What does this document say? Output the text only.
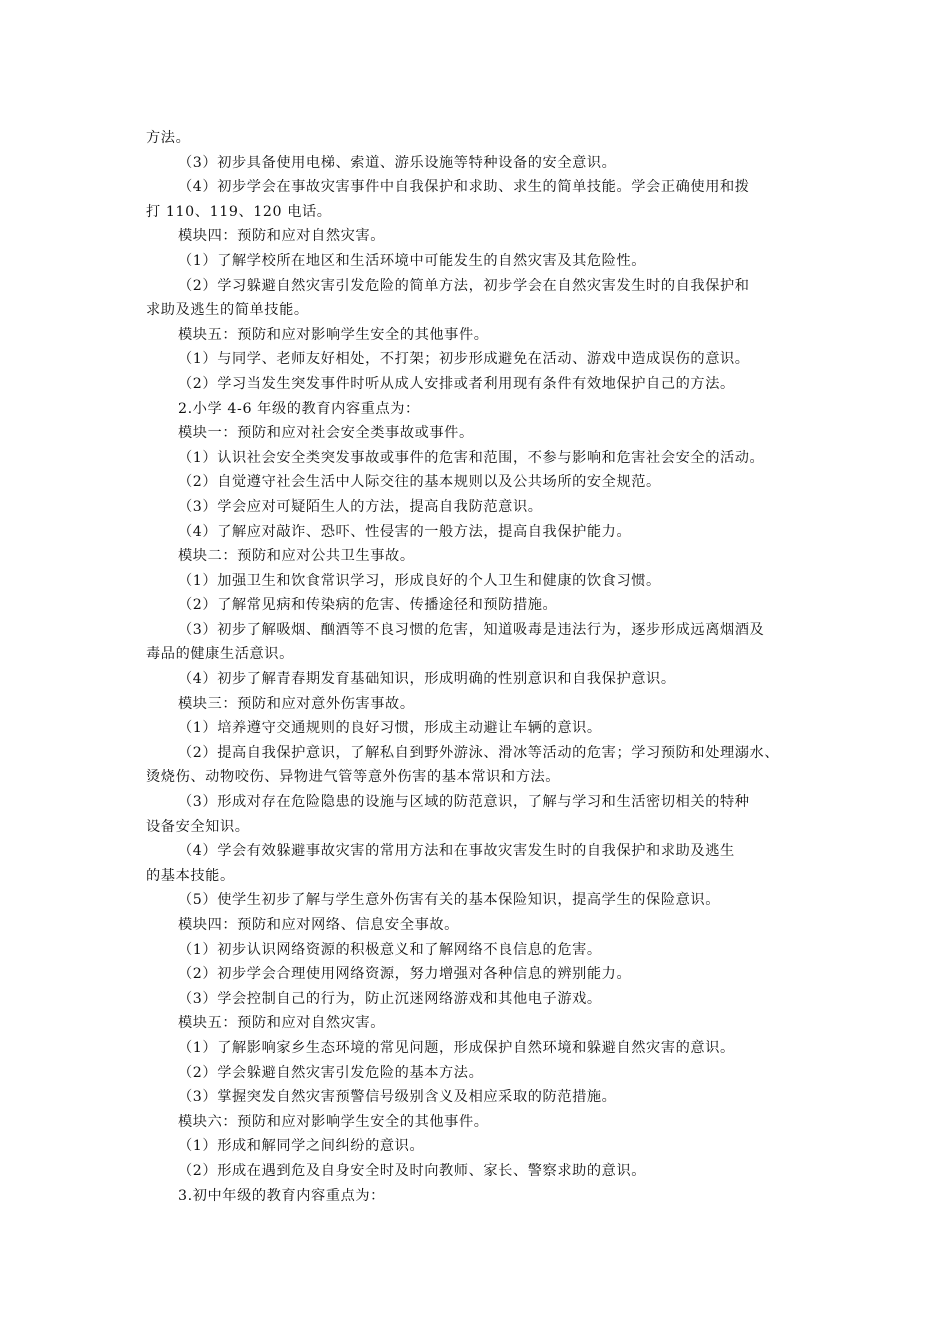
方法。
（3）初步具备使用电梯、索道、游乐设施等特种设备的安全意识。
（4）初步学会在事故灾害事件中自我保护和求助、求生的简单技能。学会正确使用和拨
打 110、119、120 电话。
模块四：预防和应对自然灾害。
（1）了解学校所在地区和生活环境中可能发生的自然灾害及其危险性。
（2）学习躲避自然灾害引发危险的简单方法，初步学会在自然灾害发生时的自我保护和
求助及逃生的简单技能。
模块五：预防和应对影响学生安全的其他事件。
（1）与同学、老师友好相处，不打架；初步形成避免在活动、游戏中造成误伤的意识。
（2）学习当发生突发事件时听从成人安排或者利用现有条件有效地保护自己的方法。
2.小学 4-6 年级的教育内容重点为：
模块一：预防和应对社会安全类事故或事件。
（1）认识社会安全类突发事故或事件的危害和范围，不参与影响和危害社会安全的活动。
（2）自觉遵守社会生活中人际交往的基本规则以及公共场所的安全规范。
（3）学会应对可疑陌生人的方法，提高自我防范意识。
（4）了解应对敲诈、恐吓、性侵害的一般方法，提高自我保护能力。
模块二：预防和应对公共卫生事故。
（1）加强卫生和饮食常识学习，形成良好的个人卫生和健康的饮食习惯。
（2）了解常见病和传染病的危害、传播途径和预防措施。
（3）初步了解吸烟、酗酒等不良习惯的危害，知道吸毒是违法行为，逐步形成远离烟酒及
毒品的健康生活意识。
（4）初步了解青春期发育基础知识，形成明确的性别意识和自我保护意识。
模块三：预防和应对意外伤害事故。
（1）培养遵守交通规则的良好习惯，形成主动避让车辆的意识。
（2）提高自我保护意识，了解私自到野外游泳、滑冰等活动的危害；学习预防和处理溺水、
烫烧伤、动物咬伤、异物进气管等意外伤害的基本常识和方法。
（3）形成对存在危险隐患的设施与区域的防范意识，了解与学习和生活密切相关的特种
设备安全知识。
（4）学会有效躲避事故灾害的常用方法和在事故灾害发生时的自我保护和求助及逃生
的基本技能。
（5）使学生初步了解与学生意外伤害有关的基本保险知识，提高学生的保险意识。
模块四：预防和应对网络、信息安全事故。
（1）初步认识网络资源的积极意义和了解网络不良信息的危害。
（2）初步学会合理使用网络资源，努力增强对各种信息的辨别能力。
（3）学会控制自己的行为，防止沉迷网络游戏和其他电子游戏。
模块五：预防和应对自然灾害。
（1）了解影响家乡生态环境的常见问题，形成保护自然环境和躲避自然灾害的意识。
（2）学会躲避自然灾害引发危险的基本方法。
（3）掌握突发自然灾害预警信号级别含义及相应采取的防范措施。
模块六：预防和应对影响学生安全的其他事件。
（1）形成和解同学之间纠纷的意识。
（2）形成在遇到危及自身安全时及时向教师、家长、警察求助的意识。
3.初中年级的教育内容重点为：
